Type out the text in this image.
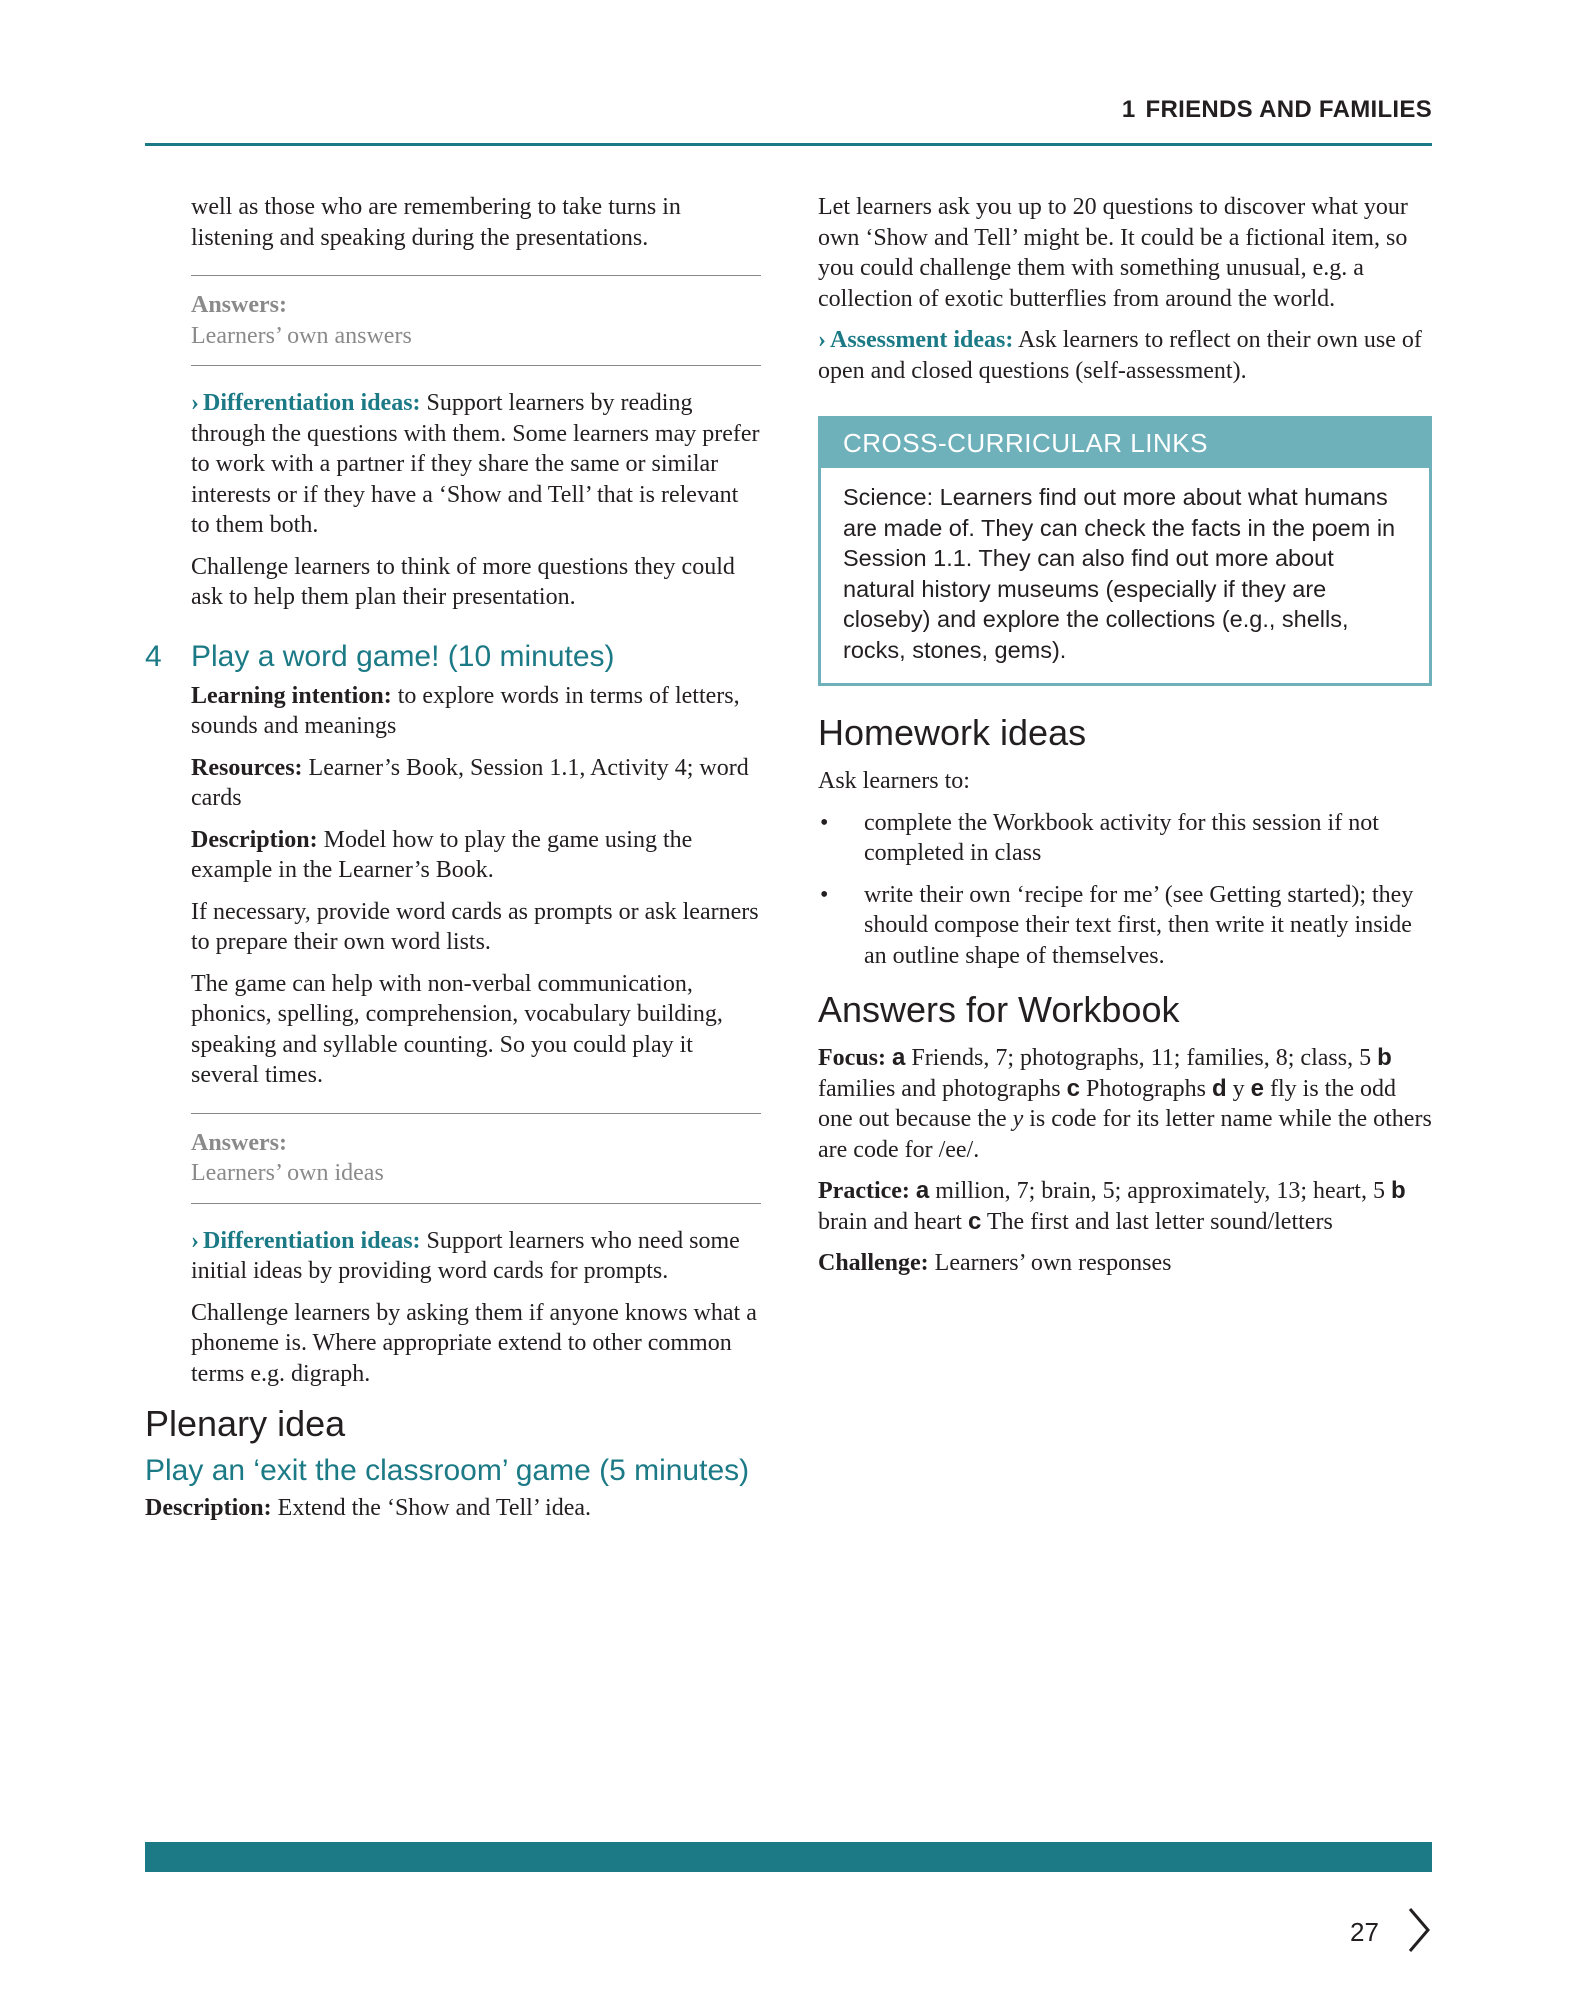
1 FRIENDS AND FAMILIES

well as those who are remembering to take turns in listening and speaking during the presentations.

Answers:
Learners’ own answers

› Differentiation ideas: Support learners by reading through the questions with them. Some learners may prefer to work with a partner if they share the same or similar interests or if they have a ‘Show and Tell’ that is relevant to them both.

Challenge learners to think of more questions they could ask to help them plan their presentation.

4 Play a word game! (10 minutes)

Learning intention: to explore words in terms of letters, sounds and meanings

Resources: Learner’s Book, Session 1.1, Activity 4; word cards

Description: Model how to play the game using the example in the Learner’s Book.

If necessary, provide word cards as prompts or ask learners to prepare their own word lists.

The game can help with non-verbal communication, phonics, spelling, comprehension, vocabulary building, speaking and syllable counting. So you could play it several times.

Answers:
Learners’ own ideas

› Differentiation ideas: Support learners who need some initial ideas by providing word cards for prompts.

Challenge learners by asking them if anyone knows what a phoneme is. Where appropriate extend to other common terms e.g. digraph.

Plenary idea
Play an ‘exit the classroom’ game (5 minutes)

Description: Extend the ‘Show and Tell’ idea.

Let learners ask you up to 20 questions to discover what your own ‘Show and Tell’ might be. It could be a fictional item, so you could challenge them with something unusual, e.g. a collection of exotic butterflies from around the world.

› Assessment ideas: Ask learners to reflect on their own use of open and closed questions (self-assessment).

CROSS-CURRICULAR LINKS
Science: Learners find out more about what humans are made of. They can check the facts in the poem in Session 1.1. They can also find out more about natural history museums (especially if they are closeby) and explore the collections (e.g., shells, rocks, stones, gems).
Homework ideas

Ask learners to:

• complete the Workbook activity for this session if not completed in class
• write their own ‘recipe for me’ (see Getting started); they should compose their text first, then write it neatly inside an outline shape of themselves.
Answers for Workbook

Focus: a Friends, 7; photographs, 11; families, 8; class, 5 b families and photographs c Photographs d y e fly is the odd one out because the y is code for its letter name while the others are code for /ee/.

Practice: a million, 7; brain, 5; approximately, 13; heart, 5 b brain and heart c The first and last letter sound/letters

Challenge: Learners’ own responses

27
